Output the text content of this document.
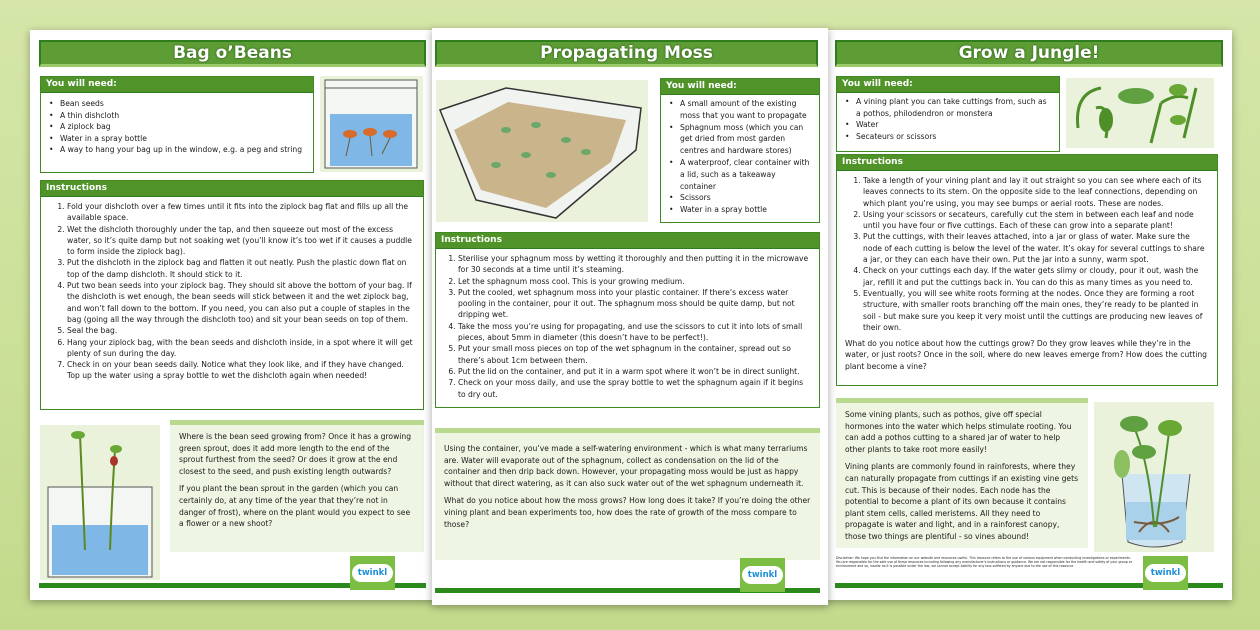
Bag o’Beans
You will need:
• Bean seeds
• A thin dishcloth
• A ziplock bag
• Water in a spray bottle
• A way to hang your bag up in the window, e.g. a peg and string
Instructions
1. Fold your dishcloth over a few times until it fits into the ziplock bag flat and fills up all the available space.
2. Wet the dishcloth thoroughly under the tap, and then squeeze out most of the excess water, so it’s quite damp but not soaking wet (you’ll know it’s too wet if it causes a puddle to form inside the ziplock bag).
3. Put the dishcloth in the ziplock bag and flatten it out neatly. Push the plastic down flat on top of the damp dishcloth. It should stick to it.
4. Put two bean seeds into your ziplock bag. They should sit above the bottom of your bag. If the dishcloth is wet enough, the bean seeds will stick between it and the wet ziplock bag, and won’t fall down to the bottom. If you need, you can also put a couple of staples in the bag (going all the way through the dishcloth too) and sit your bean seeds on top of them.
5. Seal the bag.
6. Hang your ziplock bag, with the bean seeds and dishcloth inside, in a spot where it will get plenty of sun during the day.
7. Check in on your bean seeds daily. Notice what they look like, and if they have changed. Top up the water using a spray bottle to wet the dishcloth again when needed!

Where is the bean seed growing from? Once it has a growing green sprout, does it add more length to the end of the sprout furthest from the seed? Or does it grow at the end closest to the seed, and push existing length outwards?

If you plant the bean sprout in the garden (which you can certainly do, at any time of the year that they’re not in danger of frost), where on the plant would you expect to see a flower or a new shoot?

twinkl
Grow a Jungle!
You will need:
• A vining plant you can take cuttings from, such as a pothos, philodendron or monstera
• Water
• Secateurs or scissors
Instructions
1. Take a length of your vining plant and lay it out straight so you can see where each of its leaves connects to its stem. On the opposite side to the leaf connections, depending on which plant you’re using, you may see bumps or aerial roots. These are nodes.
2. Using your scissors or secateurs, carefully cut the stem in between each leaf and node until you have four or five cuttings. Each of these can grow into a separate plant!
3. Put the cuttings, with their leaves attached, into a jar or glass of water. Make sure the node of each cutting is below the level of the water. It’s okay for several cuttings to share a jar, or they can each have their own. Put the jar into a sunny, warm spot.
4. Check on your cuttings each day. If the water gets slimy or cloudy, pour it out, wash the jar, refill it and put the cuttings back in. You can do this as many times as you need to.
5. Eventually, you will see white roots forming at the nodes. Once they are forming a root structure, with smaller roots branching off the main ones, they’re ready to be planted in soil - but make sure you keep it very moist until the cuttings are producing new leaves of their own.

What do you notice about how the cuttings grow? Do they grow leaves while they’re in the water, or just roots? Once in the soil, where do new leaves emerge from? How does the cutting plant become a vine?

Some vining plants, such as pothos, give off special hormones into the water which helps stimulate rooting. You can add a pothos cutting to a shared jar of water to help other plants to take root more easily!

Vining plants are commonly found in rainforests, where they can naturally propagate from cuttings if an existing vine gets cut. This is because of their nodes. Each node has the potential to become a plant of its own because it contains plant stem cells, called meristems. All they need to propagate is water and light, and in a rainforest canopy, those two things are plentiful - so vines abound!

Disclaimer: We hope you find the information on our website and resources useful. This resource refers to the use of various equipment when conducting investigations or experiments. You are responsible for the safe use of these resources including following any manufacturer's instructions or guidance. We are not responsible for the health and safety of your group or environment and so, insofar as it is possible under the law, we cannot accept liability for any loss suffered by anyone due to the use of this resource.
twinkl
Propagating Moss
You will need:
• A small amount of the existing moss that you want to propagate
• Sphagnum moss (which you can get dried from most garden centres and hardware stores)
• A waterproof, clear container with a lid, such as a takeaway container
• Scissors
• Water in a spray bottle
Instructions
1. Sterilise your sphagnum moss by wetting it thoroughly and then putting it in the microwave for 30 seconds at a time until it’s steaming.
2. Let the sphagnum moss cool. This is your growing medium.
3. Put the cooled, wet sphagnum moss into your plastic container. If there’s excess water pooling in the container, pour it out. The sphagnum moss should be quite damp, but not dripping wet.
4. Take the moss you’re using for propagating, and use the scissors to cut it into lots of small pieces, about 5mm in diameter (this doesn’t have to be perfect!).
5. Put your small moss pieces on top of the wet sphagnum in the container, spread out so there’s about 1cm between them.
6. Put the lid on the container, and put it in a warm spot where it won’t be in direct sunlight.
7. Check on your moss daily, and use the spray bottle to wet the sphagnum again if it begins to dry out.

Using the container, you’ve made a self-watering environment - which is what many terrariums are. Water will evaporate out of the sphagnum, collect as condensation on the lid of the container and then drip back down. However, your propagating moss would be just as happy without that direct watering, as it can also suck water out of the wet sphagnum underneath it.

What do you notice about how the moss grows? How long does it take? If you’re doing the other vining plant and bean experiments too, how does the rate of growth of the moss compare to those?

twinkl
